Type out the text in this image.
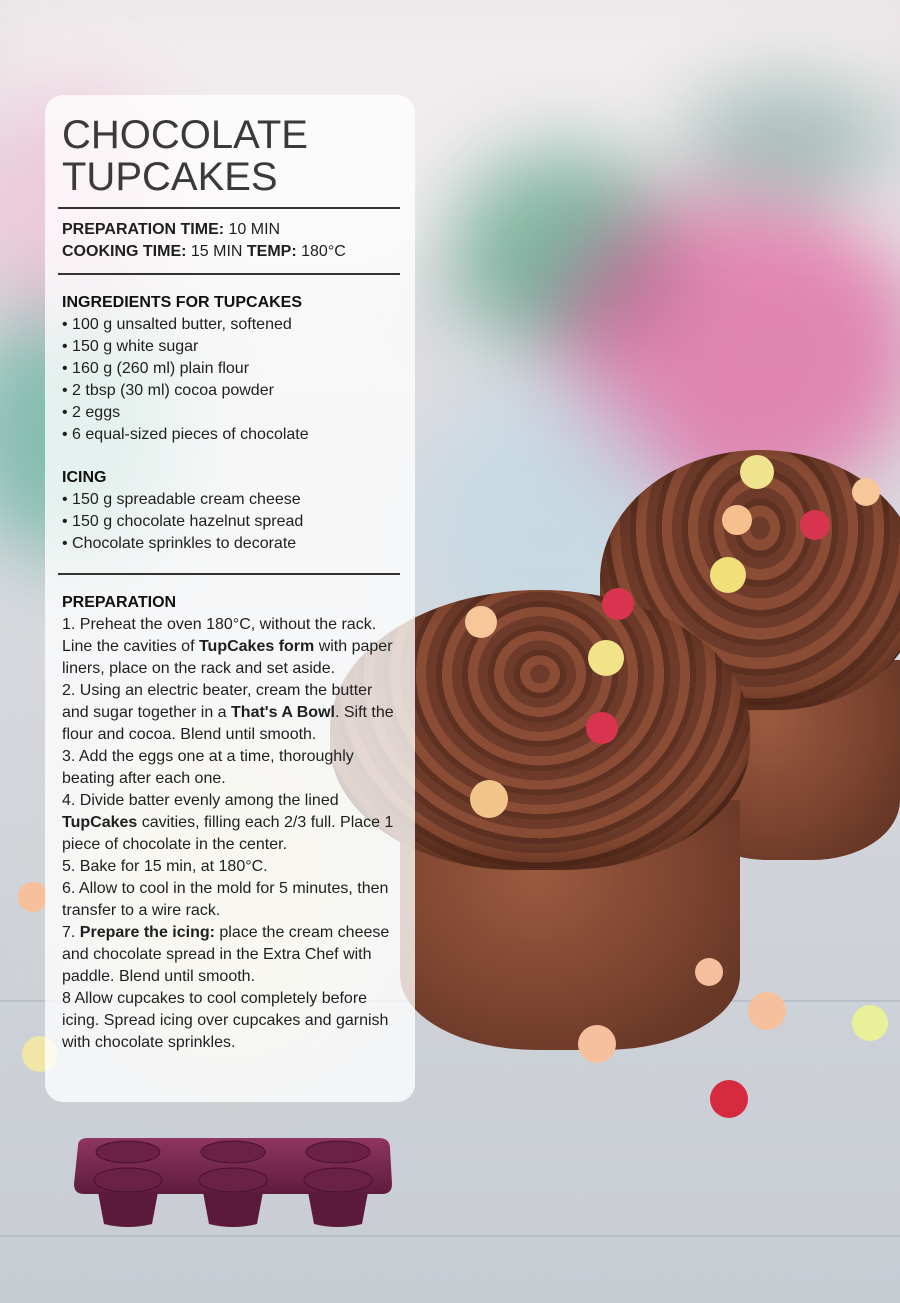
CHOCOLATE
TUPCAKES
PREPARATION TIME: 10 MIN
COOKING TIME: 15 MIN TEMP: 180°C
INGREDIENTS FOR TUPCAKES
• 100 g unsalted butter, softened
• 150 g white sugar
• 160 g (260 ml) plain flour
• 2 tbsp (30 ml) cocoa powder
• 2 eggs
• 6 equal-sized pieces of chocolate
ICING
• 150 g spreadable cream cheese
• 150 g chocolate hazelnut spread
• Chocolate sprinkles to decorate
PREPARATION
1. Preheat the oven 180°C, without the rack. Line the cavities of TupCakes form with paper liners, place on the rack and set aside.
2. Using an electric beater, cream the butter and sugar together in a That's A Bowl. Sift the flour and cocoa. Blend until smooth.
3. Add the eggs one at a time, thoroughly beating after each one.
4. Divide batter evenly among the lined TupCakes cavities, filling each 2/3 full. Place 1 piece of chocolate in the center.
5. Bake for 15 min, at 180°C.
6. Allow to cool in the mold for 5 minutes, then transfer to a wire rack.
7. Prepare the icing: place the cream cheese and chocolate spread in the Extra Chef with paddle. Blend until smooth.
8 Allow cupcakes to cool completely before icing. Spread icing over cupcakes and garnish with chocolate sprinkles.
